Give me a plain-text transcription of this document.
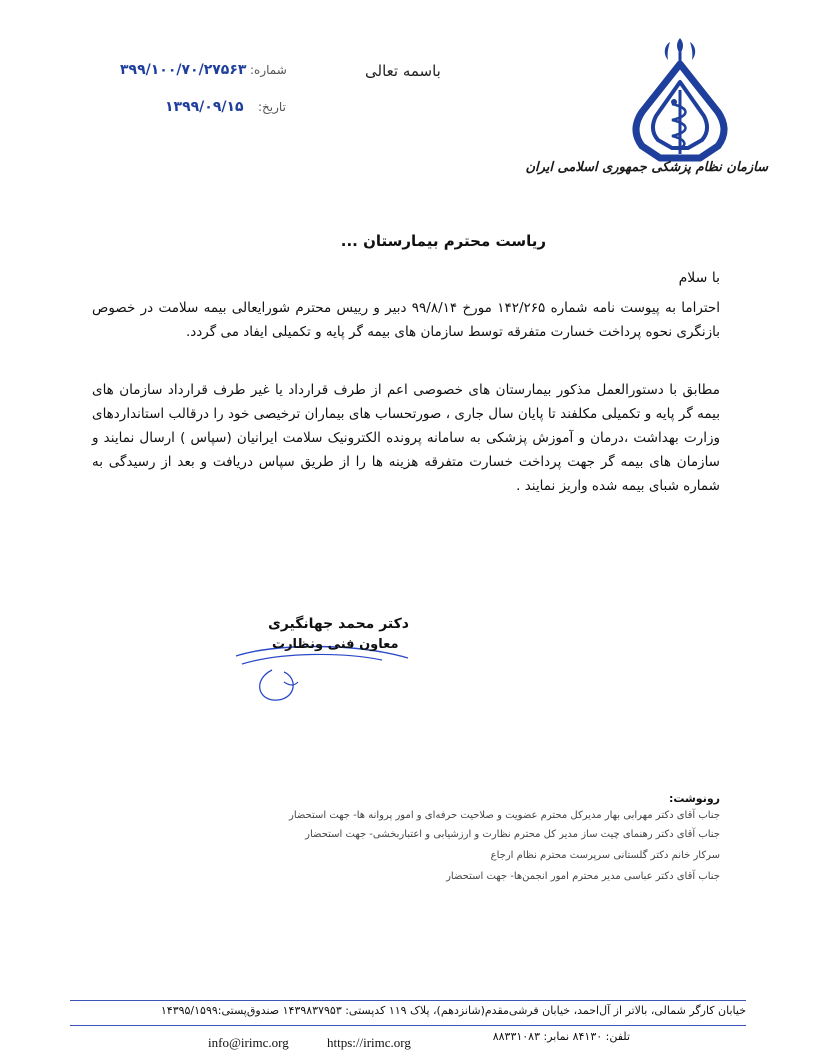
سازمان نظام پزشکی جمهوری اسلامی ایران
باسمه تعالی
شماره:
۳۹۹/۱۰۰/۷۰/۲۷۵۶۳
تاریخ:
۱۳۹۹/۰۹/۱۵
ریاست محترم بیمارستان ...
با سلام
احتراما به پیوست نامه شماره ۱۴۲/۲۶۵ مورخ ۹۹/۸/۱۴ دبیر و رییس محترم شورایعالی بیمه سلامت در خصوص بازنگری نحوه پرداخت خسارت متفرقه توسط سازمان های بیمه گر پایه و تکمیلی ایفاد می گردد.
مطابق با دستورالعمل مذکور بیمارستان های خصوصی اعم از طرف قرارداد یا غیر طرف قرارداد سازمان های بیمه گر پایه و تکمیلی مکلفند تا پایان سال جاری ، صورتحساب های بیماران ترخیصی خود را درقالب استانداردهای وزارت بهداشت ،درمان و آموزش پزشکی به سامانه پرونده الکترونیک سلامت ایرانیان (سپاس ) ارسال نمایند و سازمان های بیمه گر جهت پرداخت خسارت متفرقه هزینه ها را از طریق سپاس دریافت و بعد از رسیدگی به شماره شبای بیمه شده واریز نمایند .
دکتر محمد جهانگیری
معاون فنی ونظارت
رونوشت:
جناب آقای دکتر مهرابی بهار مدیرکل محترم عضویت و صلاحیت حرفه‌ای و امور پروانه ها- جهت استحضار
جناب آقای دکتر رهنمای چیت ساز مدیر کل محترم نظارت و ارزشیابی و اعتباربخشی- جهت استحضار
سرکار خانم دکتر گلستانی سرپرست محترم نظام ارجاع
جناب آقای دکتر عباسی مدیر محترم امور انجمن‌ها- جهت استحضار
خیابان کارگر شمالی، بالاتر از آل‌احمد، خیابان فرشی‌مقدم(شانزدهم)، پلاک ۱۱۹ کدپستی: ۱۴۳۹۸۳۷۹۵۳ صندوق‌پستی:۱۴۳۹۵/۱۵۹۹
تلفن: ۸۴۱۳۰ نمابر: ۸۸۳۳۱۰۸۳
https://irimc.org
info@irimc.org
